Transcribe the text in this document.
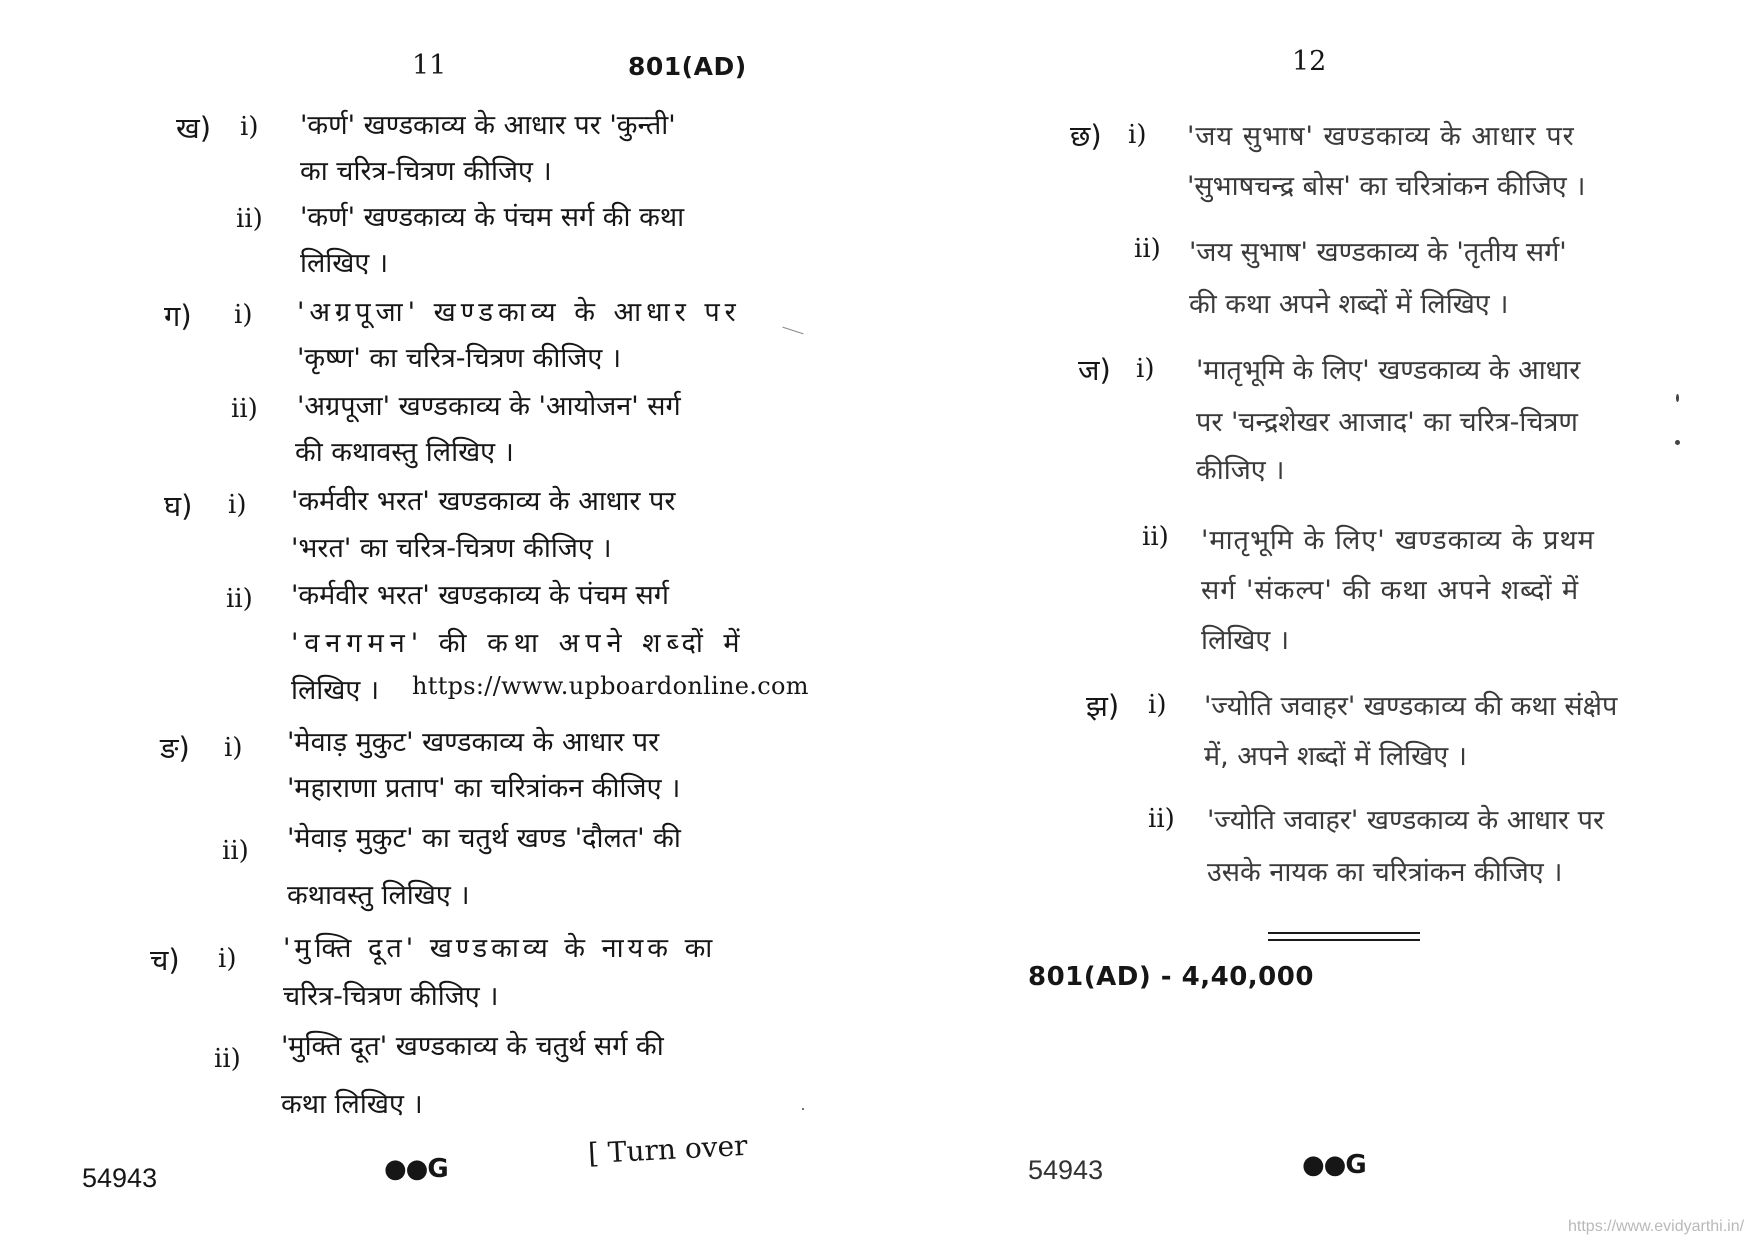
11	801(AD)
ख) i) 'कर्ण' खण्डकाव्य के आधार पर 'कुन्ती'
का चरित्र-चित्रण कीजिए ।
ii) 'कर्ण' खण्डकाव्य के पंचम सर्ग की कथा
लिखिए ।
ग) i) 'अग्रपूजा' खण्डकाव्य के आधार पर
'कृष्ण' का चरित्र-चित्रण कीजिए ।
ii) 'अग्रपूजा' खण्डकाव्य के 'आयोजन' सर्ग
की कथावस्तु लिखिए ।
घ) i) 'कर्मवीर भरत' खण्डकाव्य के आधार पर
'भरत' का चरित्र-चित्रण कीजिए ।
ii) 'कर्मवीर भरत' खण्डकाव्य के पंचम सर्ग
'वनगमन' की कथा अपने शब्दों में
लिखिए । https://www.upboardonline.com
ङ) i) 'मेवाड़ मुकुट' खण्डकाव्य के आधार पर
'महाराणा प्रताप' का चरित्रांकन कीजिए ।
ii) 'मेवाड़ मुकुट' का चतुर्थ खण्ड 'दौलत' की
कथावस्तु लिखिए ।
च) i) 'मुक्ति दूत' खण्डकाव्य के नायक का
चरित्र-चित्रण कीजिए ।
ii) 'मुक्ति दूत' खण्डकाव्य के चतुर्थ सर्ग की
कथा लिखिए ।
54943	●●G	[ Turn over
12
छ) i) 'जय सुभाष' खण्डकाव्य के आधार पर
'सुभाषचन्द्र बोस' का चरित्रांकन कीजिए ।
ii) 'जय सुभाष' खण्डकाव्य के 'तृतीय सर्ग'
की कथा अपने शब्दों में लिखिए ।
ज) i) 'मातृभूमि के लिए' खण्डकाव्य के आधार
पर 'चन्द्रशेखर आजाद' का चरित्र-चित्रण
कीजिए ।
ii) 'मातृभूमि के लिए' खण्डकाव्य के प्रथम
सर्ग 'संकल्प' की कथा अपने शब्दों में
लिखिए ।
झ) i) 'ज्योति जवाहर' खण्डकाव्य की कथा संक्षेप
में, अपने शब्दों में लिखिए ।
ii) 'ज्योति जवाहर' खण्डकाव्य के आधार पर
उसके नायक का चरित्रांकन कीजिए ।
801(AD) - 4,40,000
54943	●●G
https://www.evidyarthi.in/
